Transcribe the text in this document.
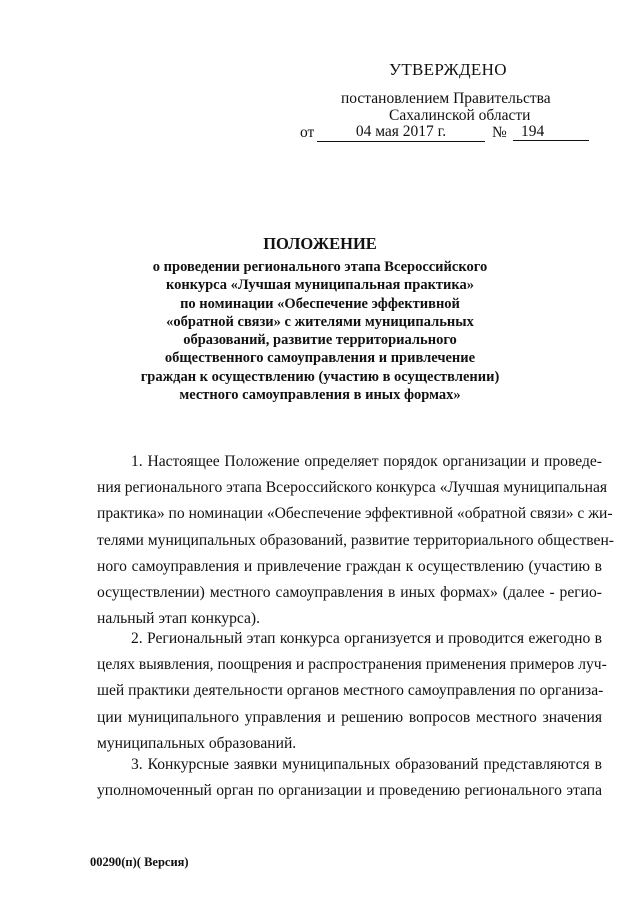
УТВЕРЖДЕНО
постановлением Правительства
Сахалинской области
от	04 мая 2017 г.	№ 194
ПОЛОЖЕНИЕ
о проведении регионального этапа Всероссийского
конкурса «Лучшая муниципальная практика»
по номинации «Обеспечение эффективной
«обратной связи» с жителями муниципальных
образований, развитие территориального
общественного самоуправления и привлечение
граждан к осуществлению (участию в осуществлении)
местного самоуправления в иных формах»
1. Настоящее Положение определяет порядок организации и проведе-
ния регионального этапа Всероссийского конкурса «Лучшая муниципальная
практика» по номинации «Обеспечение эффективной «обратной связи» с жи-
телями муниципальных образований, развитие территориального обществен-
ного самоуправления и привлечение граждан к осуществлению (участию в
осуществлении) местного самоуправления в иных формах» (далее - регио-
нальный этап конкурса).
2. Региональный этап конкурса организуется и проводится ежегодно в
целях выявления, поощрения и распространения применения примеров луч-
шей практики деятельности органов местного самоуправления по организа-
ции муниципального управления и решению вопросов местного значения
муниципальных образований.
3. Конкурсные заявки муниципальных образований представляются в
уполномоченный орган по организации и проведению регионального этапа
00290(п)( Версия)
